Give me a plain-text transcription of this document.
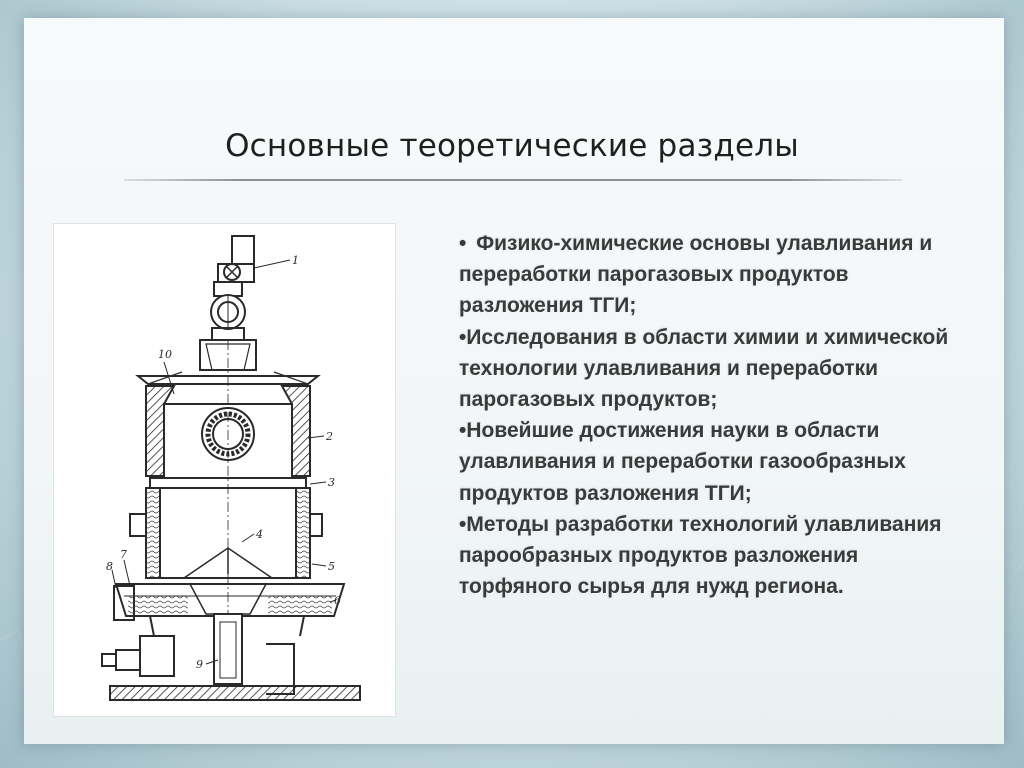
Основные теоретические разделы
1
10
2
3
4
5
6
7
8
9

• Физико-химические основы улавливания и переработки парогазовых продуктов разложения ТГИ;

•Исследования в области химии и химической технологии улавливания и переработки парогазовых продуктов;

•Новейшие достижения науки в области улавливания и переработки газообразных продуктов разложения ТГИ;

•Методы разработки технологий улавливания парообразных продуктов разложения торфяного сырья для нужд региона.
